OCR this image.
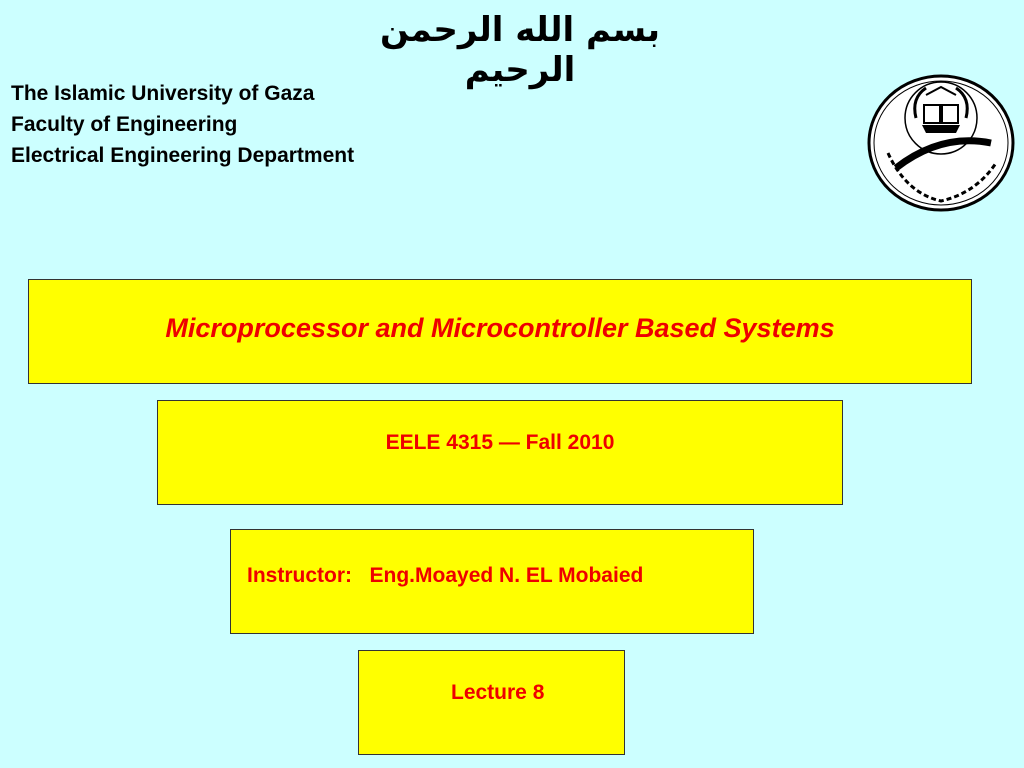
بسم الله الرحمن الرحيم
The Islamic University of Gaza
Faculty of Engineering
Electrical Engineering Department
Microprocessor and Microcontroller Based Systems
EELE 4315 — Fall 2010
Instructor: Eng.Moayed N. EL Mobaied
Lecture 8
